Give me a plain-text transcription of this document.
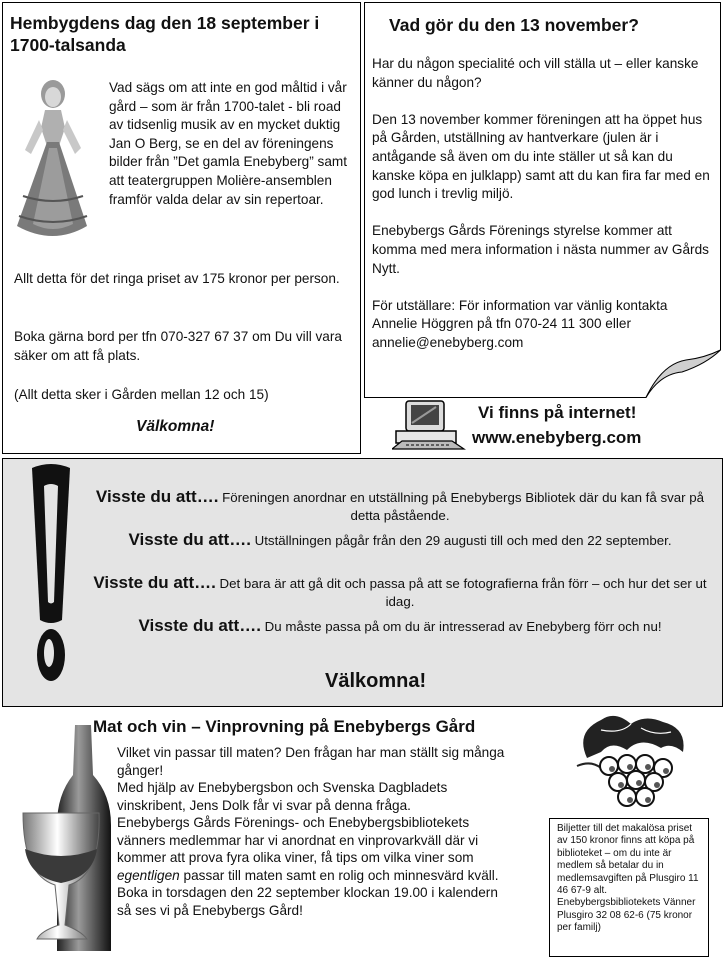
Hembygdens dag den 18 september i 1700-talsanda

Vad sägs om att inte en god måltid i vår gård – som är från 1700-talet - bli road av tidsenlig musik av en mycket duktig Jan O Berg, se en del av föreningens bilder från ”Det gamla Enebyberg” samt att teatergruppen Molière-ansemblen framför valda delar av sin repertoar.

Allt detta för det ringa priset av 175 kronor per person.

Boka gärna bord per tfn 070-327 67 37 om Du vill vara säker om att få plats.

(Allt detta sker i Gården mellan 12 och 15)

Välkomna!
Vad gör du den 13 november?

Har du någon specialité och vill ställa ut – eller kanske känner du någon?

Den 13 november kommer föreningen att ha öppet hus på Gården, utställning av hantverkare (julen är i antågande så även om du inte ställer ut så kan du kanske köpa en julklapp) samt att du kan fira far med en god lunch i trevlig miljö.

Enebybergs Gårds Förenings styrelse kommer att komma med mera information i nästa nummer av Gårds Nytt.

För utställare: För information var vänlig kontakta Annelie Höggren på tfn 070-24 11 300 eller annelie@enebyberg.com

Vi finns på internet!
www.enebyberg.com
Visste du att…. Föreningen anordnar en utställning på Enebybergs Bibliotek där du kan få svar på detta påstående.
Visste du att…. Utställningen pågår från den 29 augusti till och med den 22 september.
Visste du att…. Det bara är att gå dit och passa på att se fotografierna från förr – och hur det ser ut idag.
Visste du att…. Du måste passa på om du är intresserad av Enebyberg förr och nu!
Välkomna!
Mat och vin – Vinprovning på Enebybergs Gård

Vilket vin passar till maten? Den frågan har man ställt sig många gånger!

Med hjälp av Enebybergsbon och Svenska Dagbladets vinskribent, Jens Dolk får vi svar på denna fråga.

Enebybergs Gårds Förenings- och Enebybergsbibliotekets vänners medlemmar har vi anordnat en vinprovarkväll där vi kommer att prova fyra olika viner, få tips om vilka viner som egentligen passar till maten samt en rolig och minnesvärd kväll.

Boka in torsdagen den 22 september klockan 19.00 i kalendern så ses vi på Enebybergs Gård!

Biljetter till det makalösa priset av 150 kronor finns att köpa på biblioteket – om du inte är medlem så betalar du in medlemsavgiften på Plusgiro 11 46 67-9 alt. Enebybergsbibliotekets Vänner Plusgiro 32 08 62-6 (75 kronor per familj)
